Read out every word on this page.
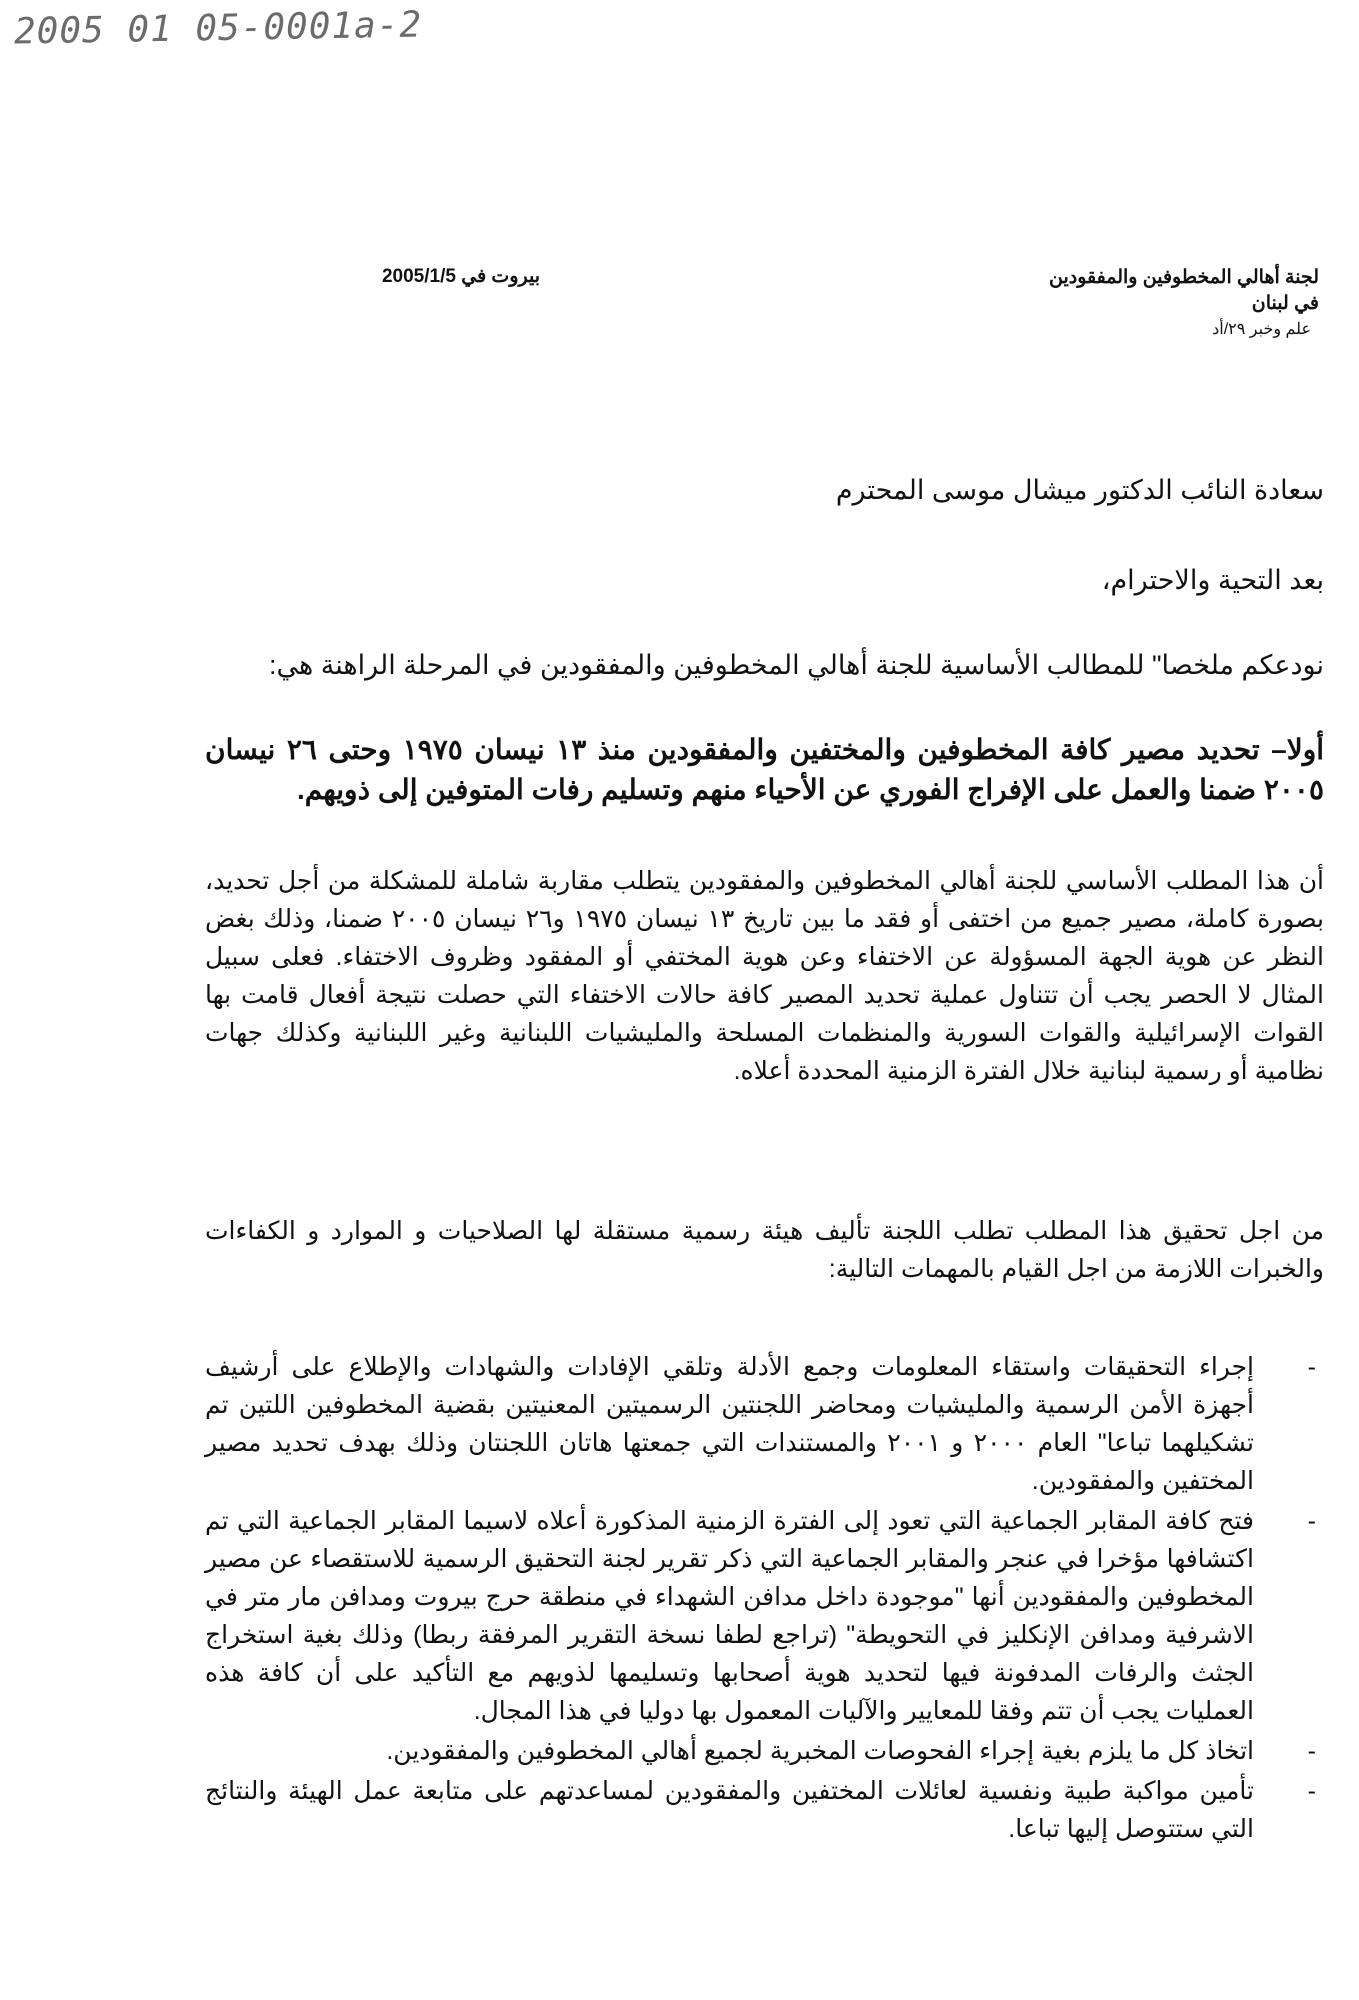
2005 01 05-0001a-2
لجنة أهالي المخطوفين والمفقودين
في لبنان
علم وخبر ٢٩/أد
بيروت في 2005/1/5
سعادة النائب الدكتور ميشال موسى المحترم
بعد التحية والاحترام،
نودعكم ملخصا" للمطالب الأساسية للجنة أهالي المخطوفين والمفقودين في المرحلة الراهنة هي:
أولا– تحديد مصير كافة المخطوفين والمختفين والمفقودين منذ ١٣ نيسان ١٩٧٥ وحتى ٢٦ نيسان ٢٠٠٥ ضمنا والعمل على الإفراج الفوري عن الأحياء منهم وتسليم رفات المتوفين إلى ذويهم.
أن هذا المطلب الأساسي للجنة أهالي المخطوفين والمفقودين يتطلب مقاربة شاملة للمشكلة من أجل تحديد، بصورة كاملة، مصير جميع من اختفى أو فقد ما بين تاريخ ١٣ نيسان ١٩٧٥ و٢٦ نيسان ٢٠٠٥ ضمنا، وذلك بغض النظر عن هوية الجهة المسؤولة عن الاختفاء وعن هوية المختفي أو المفقود وظروف الاختفاء. فعلى سبيل المثال لا الحصر يجب أن تتناول عملية تحديد المصير كافة حالات الاختفاء التي حصلت نتيجة أفعال قامت بها القوات الإسرائيلية والقوات السورية والمنظمات المسلحة والمليشيات اللبنانية وغير اللبنانية وكذلك جهات نظامية أو رسمية لبنانية خلال الفترة الزمنية المحددة أعلاه.
من اجل تحقيق هذا المطلب تطلب اللجنة تأليف هيئة رسمية مستقلة لها الصلاحيات و الموارد و الكفاءات والخبرات اللازمة من اجل القيام بالمهمات التالية:
-
إجراء التحقيقات واستقاء المعلومات وجمع الأدلة وتلقي الإفادات والشهادات والإطلاع على أرشيف أجهزة الأمن الرسمية والمليشيات ومحاضر اللجنتين الرسميتين المعنيتين بقضية المخطوفين اللتين تم تشكيلهما تباعا" العام ٢٠٠٠ و ٢٠٠١ والمستندات التي جمعتها هاتان اللجنتان وذلك بهدف تحديد مصير المختفين والمفقودين.
-
فتح كافة المقابر الجماعية التي تعود إلى الفترة الزمنية المذكورة أعلاه لاسيما المقابر الجماعية التي تم اكتشافها مؤخرا في عنجر والمقابر الجماعية التي ذكر تقرير لجنة التحقيق الرسمية للاستقصاء عن مصير المخطوفين والمفقودين أنها "موجودة داخل مدافن الشهداء في منطقة حرج بيروت ومدافن مار متر في الاشرفية ومدافن الإنكليز في التحويطة" (تراجع لطفا نسخة التقرير المرفقة ربطا) وذلك بغية استخراج الجثث والرفات المدفونة فيها لتحديد هوية أصحابها وتسليمها لذويهم مع التأكيد على أن كافة هذه العمليات يجب أن تتم وفقا للمعايير والآليات المعمول بها دوليا في هذا المجال.
-
اتخاذ كل ما يلزم بغية إجراء الفحوصات المخبرية لجميع أهالي المخطوفين والمفقودين.
-
تأمين مواكبة طبية ونفسية لعائلات المختفين والمفقودين لمساعدتهم على متابعة عمل الهيئة والنتائج التي ستتوصل إليها تباعا.
